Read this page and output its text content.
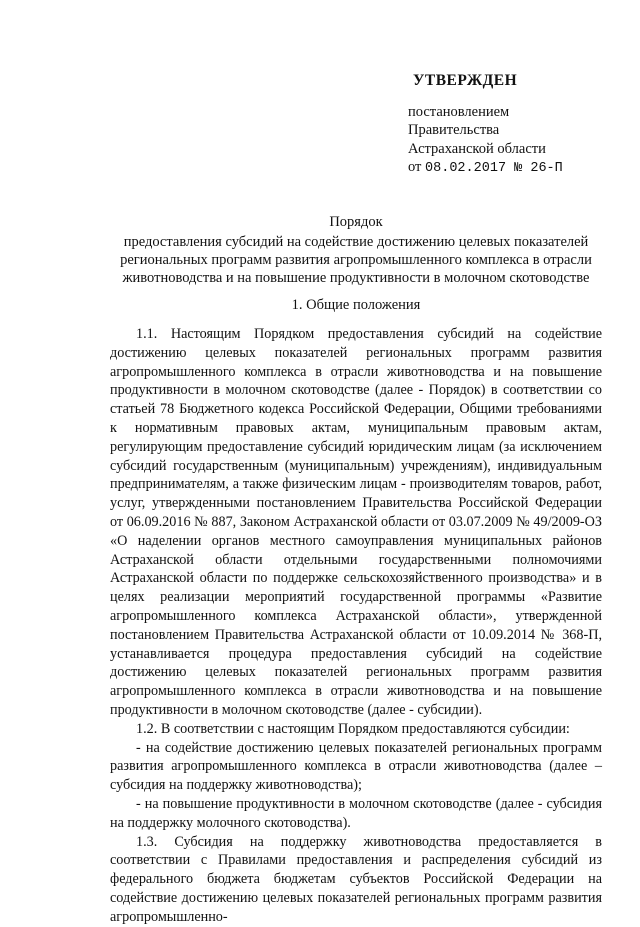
УТВЕРЖДЕН
постановлением
Правительства
Астраханской области
от 08.02.2017 № 26-П
Порядок
предоставления субсидий на содействие достижению целевых показателей региональных программ развития агропромышленного комплекса в отрасли животноводства и на повышение продуктивности в молочном скотоводстве
1. Общие положения

1.1. Настоящим Порядком предоставления субсидий на содействие достижению целевых показателей региональных программ развития агропромышленного комплекса в отрасли животноводства и на повышение продуктивности в молочном скотоводстве (далее - Порядок) в соответствии со статьей 78 Бюджетного кодекса Российской Федерации, Общими требованиями к нормативным правовых актам, муниципальным правовым актам, регулирующим предоставление субсидий юридическим лицам (за исключением субсидий государственным (муниципальным) учреждениям), индивидуальным предпринимателям, а также физическим лицам - производителям товаров, работ, услуг, утвержденными постановлением Правительства Российской Федерации от 06.09.2016 № 887, Законом Астраханской области от 03.07.2009 № 49/2009-ОЗ «О наделении органов местного самоуправления муниципальных районов Астраханской области отдельными государственными полномочиями Астраханской области по поддержке сельскохозяйственного производства» и в целях реализации мероприятий государственной программы «Развитие агропромышленного комплекса Астраханской области», утвержденной постановлением Правительства Астраханской области от 10.09.2014 № 368-П, устанавливается процедура предоставления субсидий на содействие достижению целевых показателей региональных программ развития агропромышленного комплекса в отрасли животноводства и на повышение продуктивности в молочном скотоводстве (далее - субсидии).

1.2. В соответствии с настоящим Порядком предоставляются субсидии:

- на содействие достижению целевых показателей региональных программ развития агропромышленного комплекса в отрасли животноводства (далее – субсидия на поддержку животноводства);

- на повышение продуктивности в молочном скотоводстве (далее - субсидия на поддержку молочного скотоводства).

1.3. Субсидия на поддержку животноводства предоставляется в соответствии с Правилами предоставления и распределения субсидий из федерального бюджета бюджетам субъектов Российской Федерации на содействие достижению целевых показателей региональных программ развития агропромышленно-
